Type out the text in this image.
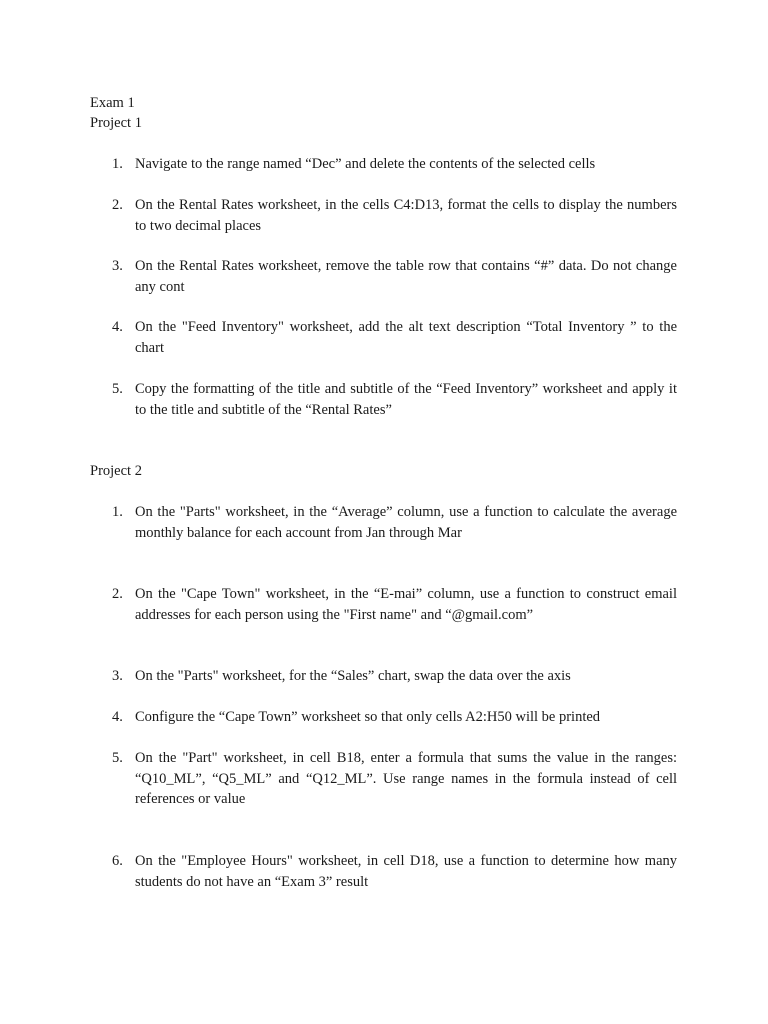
Exam 1
Project 1
1. Navigate to the range named “Dec” and delete the contents of the selected cells
2. On the Rental Rates worksheet, in the cells C4:D13, format the cells to display the numbers to two decimal places
3. On the Rental Rates worksheet, remove the table row that contains “#” data. Do not change any cont
4. On the "Feed Inventory" worksheet, add the alt text description “Total Inventory ” to the chart
5. Copy the formatting of the title and subtitle of the “Feed Inventory” worksheet and apply it to the title and subtitle of the “Rental Rates”
Project 2
1. On the "Parts" worksheet, in the “Average” column, use a function to calculate the average monthly balance for each account from Jan through Mar
2. On the "Cape Town" worksheet, in the “E-mai” column, use a function to construct email addresses for each person using the "First name" and “@gmail.com”
3. On the "Parts" worksheet, for the “Sales” chart, swap the data over the axis
4. Configure the “Cape Town” worksheet so that only cells A2:H50 will be printed
5. On the "Part" worksheet, in cell B18, enter a formula that sums the value in the ranges: “Q10_ML”, “Q5_ML” and “Q12_ML”. Use range names in the formula instead of cell references or value
6. On the "Employee Hours" worksheet, in cell D18, use a function to determine how many students do not have an “Exam 3” result
